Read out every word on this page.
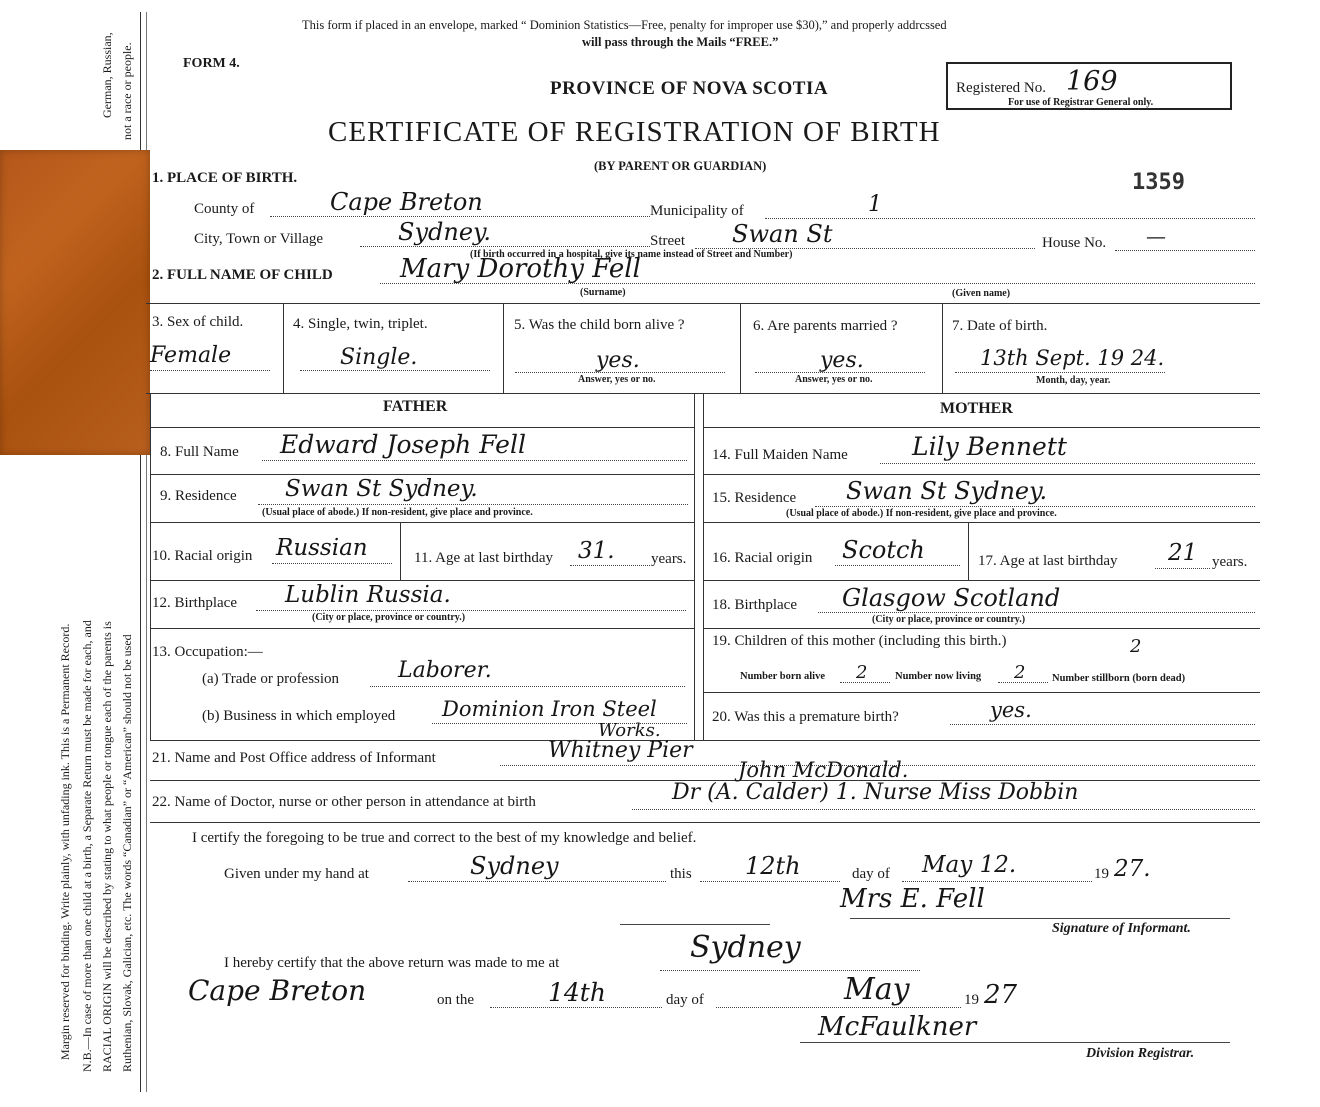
Margin reserved for binding. Write plainly, with unfading ink. This is a Permanent Record. N.B.—In case of more than one child at a birth, a Separate Return must be made for each, and RACIAL ORIGIN will be described by stating to what people or tongue each of the parents is Ruthenian, Slovak, Galician, etc. The words “Canadian” or “American” should not be used
German, Russian, not a race or people.
This form if placed in an envelope, marked “ Dominion Statistics—Free, penalty for improper use $30),” and properly addrcssed
will pass through the Mails “FREE.”
FORM 4.
PROVINCE OF NOVA SCOTIA	Registered No. 169
For use of Registrar General only.
CERTIFICATE OF REGISTRATION OF BIRTH
(BY PARENT OR GUARDIAN)
1359
1. PLACE OF BIRTH.
County of	Cape Breton	Municipality of	1
City, Town or Village	Sydney.
(If birth occurred in a hospital, give its name instead of Street and Number)
Street Swan St	House No. —
2. FULL NAME OF CHILD	Mary Dorothy Fell
(Surname)	(Given name)
3. Sex of child.
Female
4. Single, twin, triplet.
Single.
5. Was the child born alive ?
yes.
Answer, yes or no.
6. Are parents married ?
yes.
Answer, yes or no.
7. Date of birth.
13th Sept. 19 24.
Month, day, year.
FATHER	MOTHER
8. Full Name Edward Joseph Fell
9. Residence Swan St Sydney.
(Usual place of abode.) If non-resident, give place and province.
10. Racial origin Russian	11. Age at last birthday 31. years.
12. Birthplace Lublin Russia.
(City or place, province or country.)
13. Occupation:—
(a) Trade or profession	Laborer.
(b) Business in which employed Dominion Iron Steel
Works.
14. Full Maiden Name	Lily Bennett
15. Residence Swan St Sydney.
(Usual place of abode.) If non-resident, give place and province.
16. Racial origin Scotch	17. Age at last birthday 21 years.
18. Birthplace Glasgow Scotland
(City or place, province or country.)
19. Children of this mother (including this birth.)	2
Number born alive 2	Number now living 2	Number stillborn (born dead)
20. Was this a premature birth?	yes.
21. Name and Post Office address of Informant	Whitney Pier
John McDonald.
22. Name of Doctor, nurse or other person in attendance at birth	Dr (A. Calder) 1. Nurse Miss Dobbin
I certify the foregoing to be true and correct to the best of my knowledge and belief.
Given under my hand at	Sydney	this 12th	day of May 12.	19 27.
Mrs E. Fell
Signature of Informant.
I hereby certify that the above return was made to me at	Sydney
Cape Breton	on the	14th	day of	May	19 27
McFaulkner
Division Registrar.
